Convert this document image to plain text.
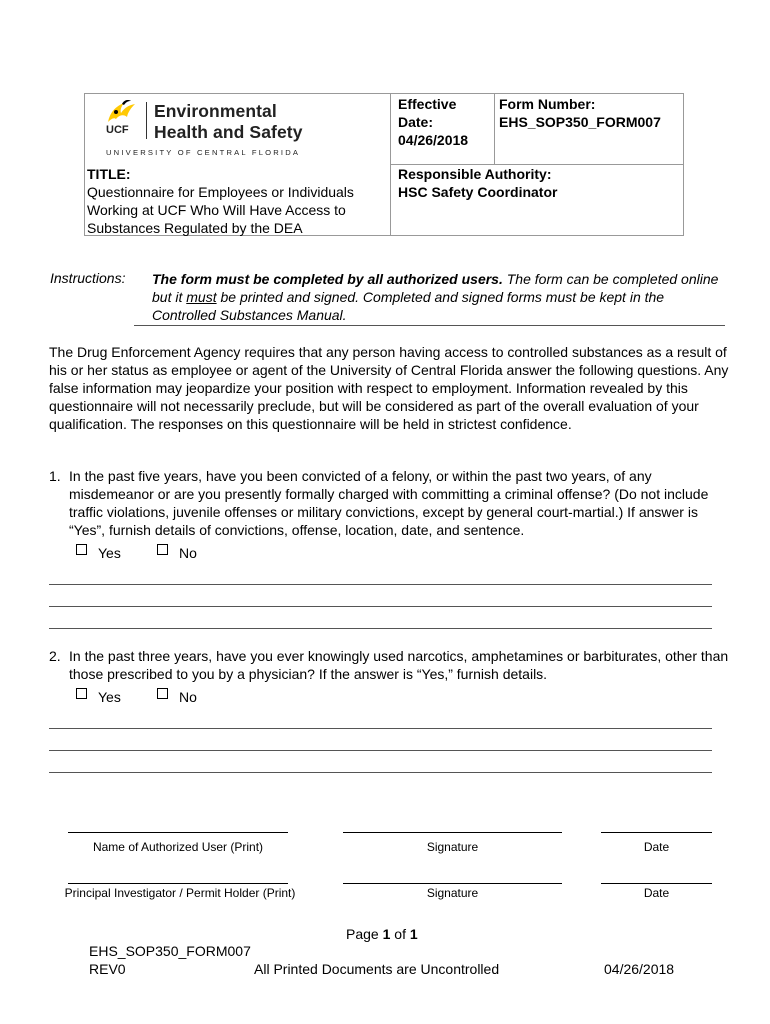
UCF
Environmental
Health and Safety
UNIVERSITY OF CENTRAL FLORIDA
Effective
Date:
04/26/2018
Form Number:
EHS_SOP350_FORM007
TITLE:
Questionnaire for Employees or Individuals
Working at UCF Who Will Have Access to
Substances Regulated by the DEA
Responsible Authority:
HSC Safety Coordinator
Instructions: The form must be completed by all authorized users. The form can be completed online but it must be printed and signed. Completed and signed forms must be kept in the Controlled Substances Manual.
The Drug Enforcement Agency requires that any person having access to controlled substances as a result of his or her status as employee or agent of the University of Central Florida answer the following questions. Any false information may jeopardize your position with respect to employment. Information revealed by this questionnaire will not necessarily preclude, but will be considered as part of the overall evaluation of your qualification. The responses on this questionnaire will be held in strictest confidence.
1. In the past five years, have you been convicted of a felony, or within the past two years, of any misdemeanor or are you presently formally charged with committing a criminal offense? (Do not include traffic violations, juvenile offenses or military convictions, except by general court-martial.) If answer is “Yes”, furnish details of convictions, offense, location, date, and sentence.
Yes	No
2. In the past three years, have you ever knowingly used narcotics, amphetamines or barbiturates, other than those prescribed to you by a physician? If the answer is “Yes,” furnish details.
Yes	No
Name of Authorized User (Print)	Signature	Date
Principal Investigator / Permit Holder (Print)	Signature	Date
Page 1 of 1
EHS_SOP350_FORM007
REV0	All Printed Documents are Uncontrolled	04/26/2018
